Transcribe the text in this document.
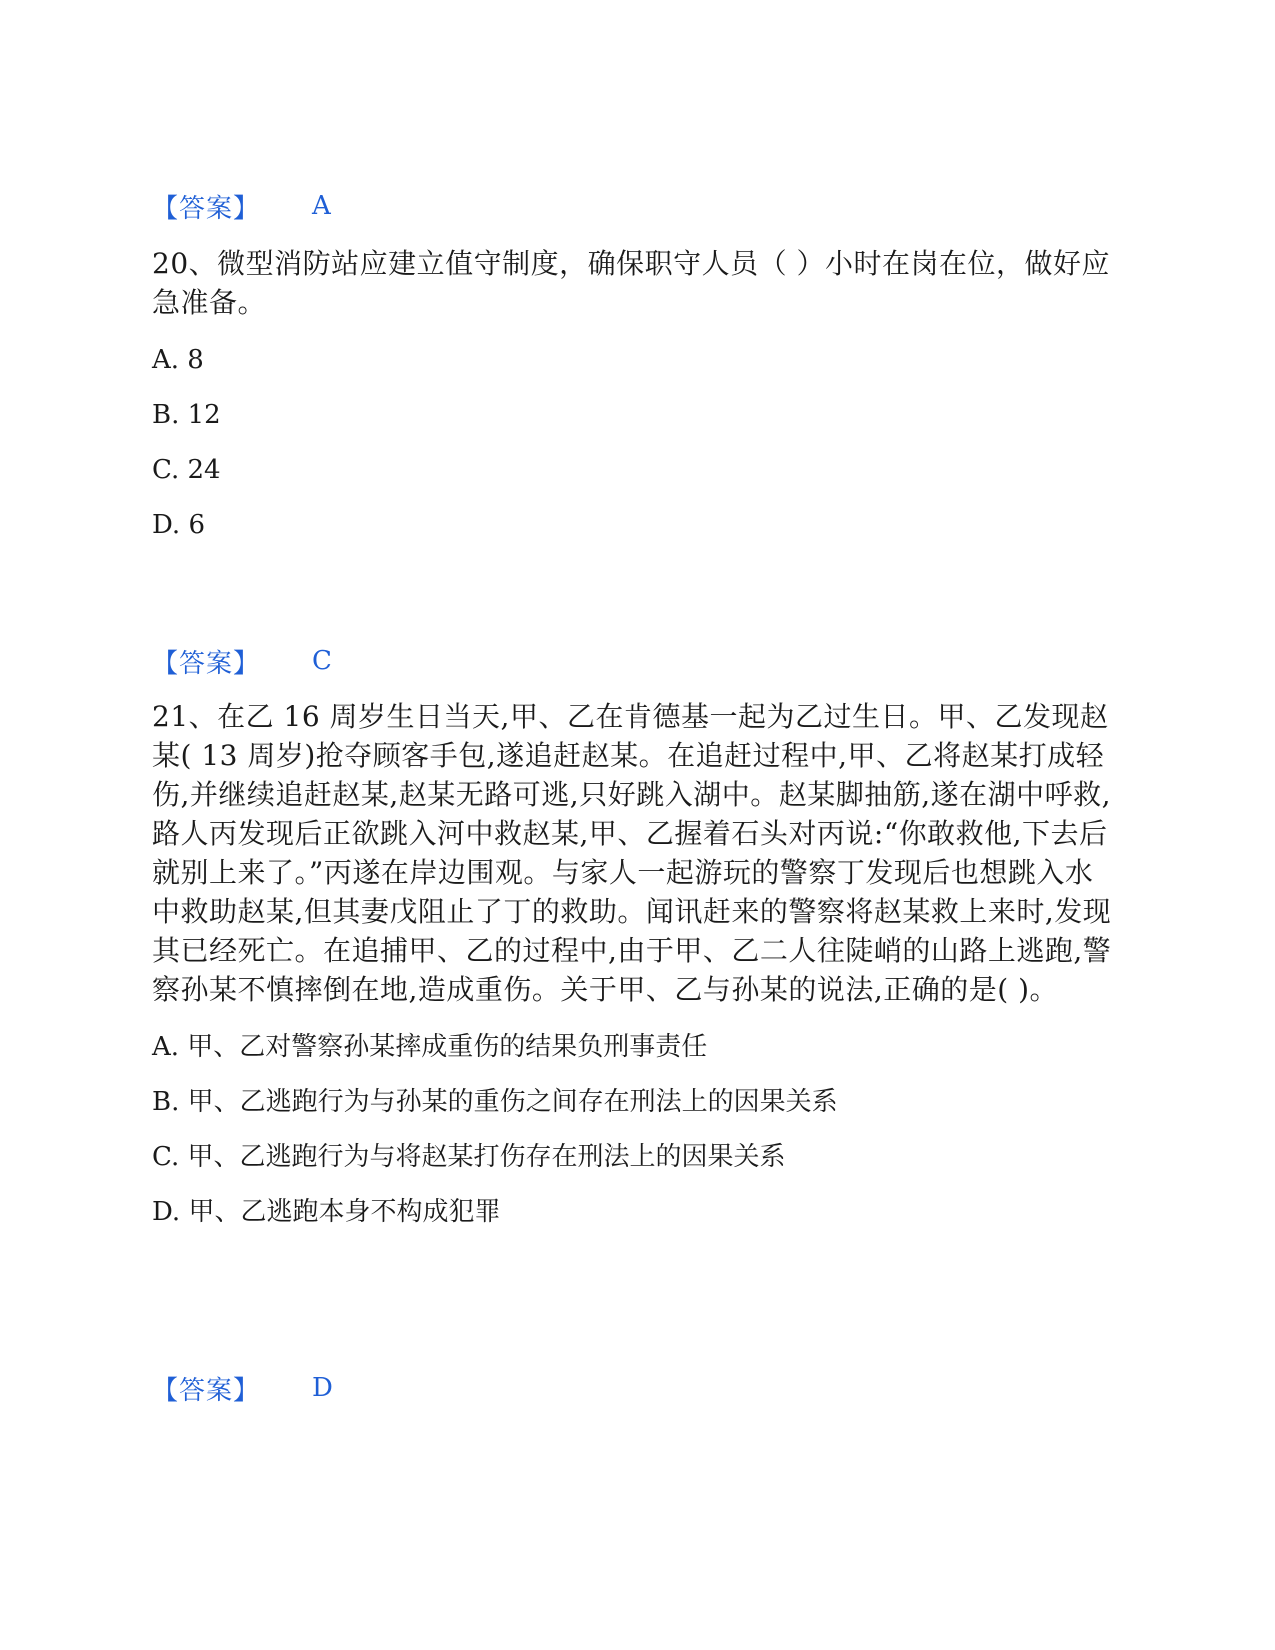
【答案】 A

20、微型消防站应建立值守制度，确保职守人员（ ）小时在岗在位，做好应急准备。

A. 8

B. 12

C. 24

D. 6

【答案】 C

21、在乙 16 周岁生日当天,甲、乙在肯德基一起为乙过生日。甲、乙发现赵某( 13 周岁)抢夺顾客手包,遂追赶赵某。在追赶过程中,甲、乙将赵某打成轻伤,并继续追赶赵某,赵某无路可逃,只好跳入湖中。赵某脚抽筋,遂在湖中呼救,路人丙发现后正欲跳入河中救赵某,甲、乙握着石头对丙说:“你敢救他,下去后就别上来了。”丙遂在岸边围观。与家人一起游玩的警察丁发现后也想跳入水中救助赵某,但其妻戊阻止了丁的救助。闻讯赶来的警察将赵某救上来时,发现其已经死亡。在追捕甲、乙的过程中,由于甲、乙二人往陡峭的山路上逃跑,警察孙某不慎摔倒在地,造成重伤。关于甲、乙与孙某的说法,正确的是( )。

A. 甲、乙对警察孙某摔成重伤的结果负刑事责任

B. 甲、乙逃跑行为与孙某的重伤之间存在刑法上的因果关系

C. 甲、乙逃跑行为与将赵某打伤存在刑法上的因果关系

D. 甲、乙逃跑本身不构成犯罪

【答案】 D
